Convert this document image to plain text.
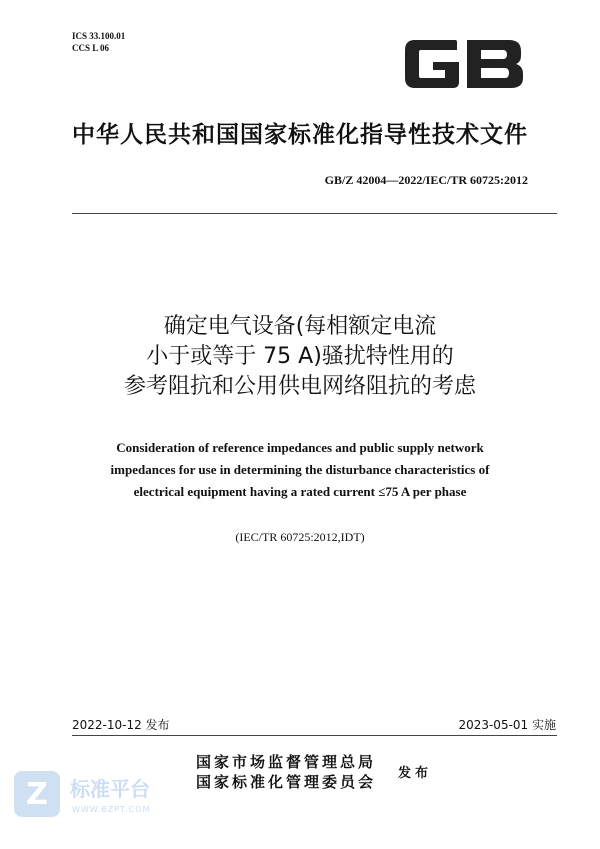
ICS 33.100.01
CCS L 06
中华人民共和国国家标准化指导性技术文件
GB/Z 42004—2022/IEC/TR 60725:2012
确定电气设备(每相额定电流
小于或等于 75 A)骚扰特性用的
参考阻抗和公用供电网络阻抗的考虑
Consideration of reference impedances and public supply network
impedances for use in determining the disturbance characteristics of
electrical equipment having a rated current ≤75 A per phase
(IEC/TR 60725:2012,IDT)
2022-10-12 发布	2023-05-01 实施
国家市场监督管理总局
国家标准化管理委员会 发布
Z	标准平台
WWW.BZPT.COM
